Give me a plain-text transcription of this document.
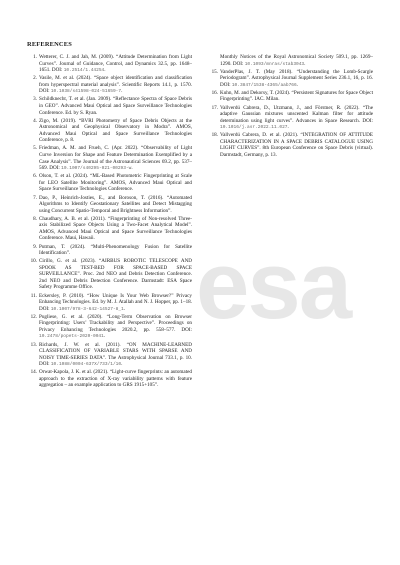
esa
REFERENCES
1. Wetterer, C. J. and Jah, M. (2009). “Attitude Determination from Light Curves”. Journal of Guidance, Control, and Dynamics 32.5, pp. 1648–1651. DOI: 10.2514/1.44254.
2. Vasile, M. et al. (2024). “Space object identification and classification from hyperspectral material analysis”. Scientific Reports 14.1, p. 1570. DOI: 10.1038/s41598-024-51659-7.
3. Schildknecht, T. et al. (Jan. 2009). “Reflectance Spectra of Space Debris in GEO”. Advanced Maui Optical and Space Surveillance Technologies Conference. Ed. by S. Ryan.
4. Zigo, M. (2019). “BVRI Photometry of Space Debris Objects at the Astronomical and Geophysical Observatory in Modra”. AMOS, Advanced Maui Optical and Space Surveillance Technologies Conference, p. 8.
5. Friedman, A. M. and Frueh, C. (Apr. 2022). “Observability of Light Curve Inversion for Shape and Feature Determination Exemplified by a Case Analysis”. The Journal of the Astronautical Sciences 69.2, pp. 537–569. DOI: 10.1007/s40295-021-00293-w.
6. Olson, T. et al. (2024). “ML-Based Photometric Fingerprinting at Scale for LEO Satellite Monitoring”. AMOS, Advanced Maui Optical and Space Surveillance Technologies Conference.
7. Dao, P., Heinrich-Josties, E., and Boroson, T. (2016). “Automated Algorithms to Identify Geostationary Satellites and Detect Mistagging using Concurrent Spatio-Temporal and Brightness Information”.
8. Chaudhary, A. B. et al. (2011). “Fingerprinting of Non-resolved Three-axis Stabilized Space Objects Using a Two-Facet Analytical Model”. AMOS, Advanced Maui Optical and Space Surveillance Technologies Conference. Maui, Hawaii.
9. Putman, T. (2024). “Multi-Phenomenology Fusion for Satellite Identification”.
10. Cirillo, G. et al. (2023). “AIRBUS ROBOTIC TELESCOPE AND SPOOK AS TEST-BED FOR SPACE-BASED SPACE SURVEILLANCE”. Proc. 2nd NEO and Debris Detection Conference. 2nd NEO and Debris Detection Conference. Darmstadt: ESA Space Safety Programme Office.
11. Eckersley, P. (2010). “How Unique Is Your Web Browser?” Privacy Enhancing Technologies. Ed. by M. J. Atallah and N. J. Hopper, pp. 1–18. DOI: 10.1007/978-3-642-14527-8_1.
12. Pugliese, G. et al. (2020). “Long-Term Observation on Browser Fingerprinting: Users’ Trackability and Perspective”. Proceedings on Privacy Enhancing Technologies 2020.2, pp. 558–577. DOI: 10.2478/popets-2020-0041.
13. Richards, J. W. et al. (2011). “ON MACHINE-LEARNED CLASSIFICATION OF VARIABLE STARS WITH SPARSE AND NOISY TIME-SERIES DATA”. The Astrophysical Journal 733.1, p. 10. DOI: 10.1088/0004-637X/733/1/10.
14. Orwat-Kapola, J. K. et al. (2021). “Light-curve fingerprints: an automated approach to the extraction of X-ray variability patterns with feature aggregation – an example application to GRS 1915+105”.
Monthly Notices of the Royal Astronomical Society 509.1, pp. 1269–1290. DOI: 10.1093/mnras/stab3043.
15. VanderPlas, J. T. (May 2018). “Understanding the Lomb-Scargle Periodogram”. Astrophysical Journal Supplement Series 236.1, 16, p. 16. DOI: 10.3847/1538-4365/aab766.
16. Kuhn, M. and Dekorsy, T. (2024). “Persistent Signatures for Space Object Fingerprinting”. IAC. Milan.
17. Vallverdú Cabrera, D., Utzmann, J., and Förstner, R. (2022). “The adaptive Gaussian mixtures unscented Kalman filter for attitude determination using light curves”. Advances in Space Research. DOI: 10.1016/j.asr.2022.11.027.
18. Vallverdú Cabrera, D. et al. (2021). “INTEGRATION OF ATTITUDE CHARACTERIZATION IN A SPACE DEBRIS CATALOGUE USING LIGHT CURVES”. 8th European Conference on Space Debris (virtual). Darmstadt, Germany, p. 13.
